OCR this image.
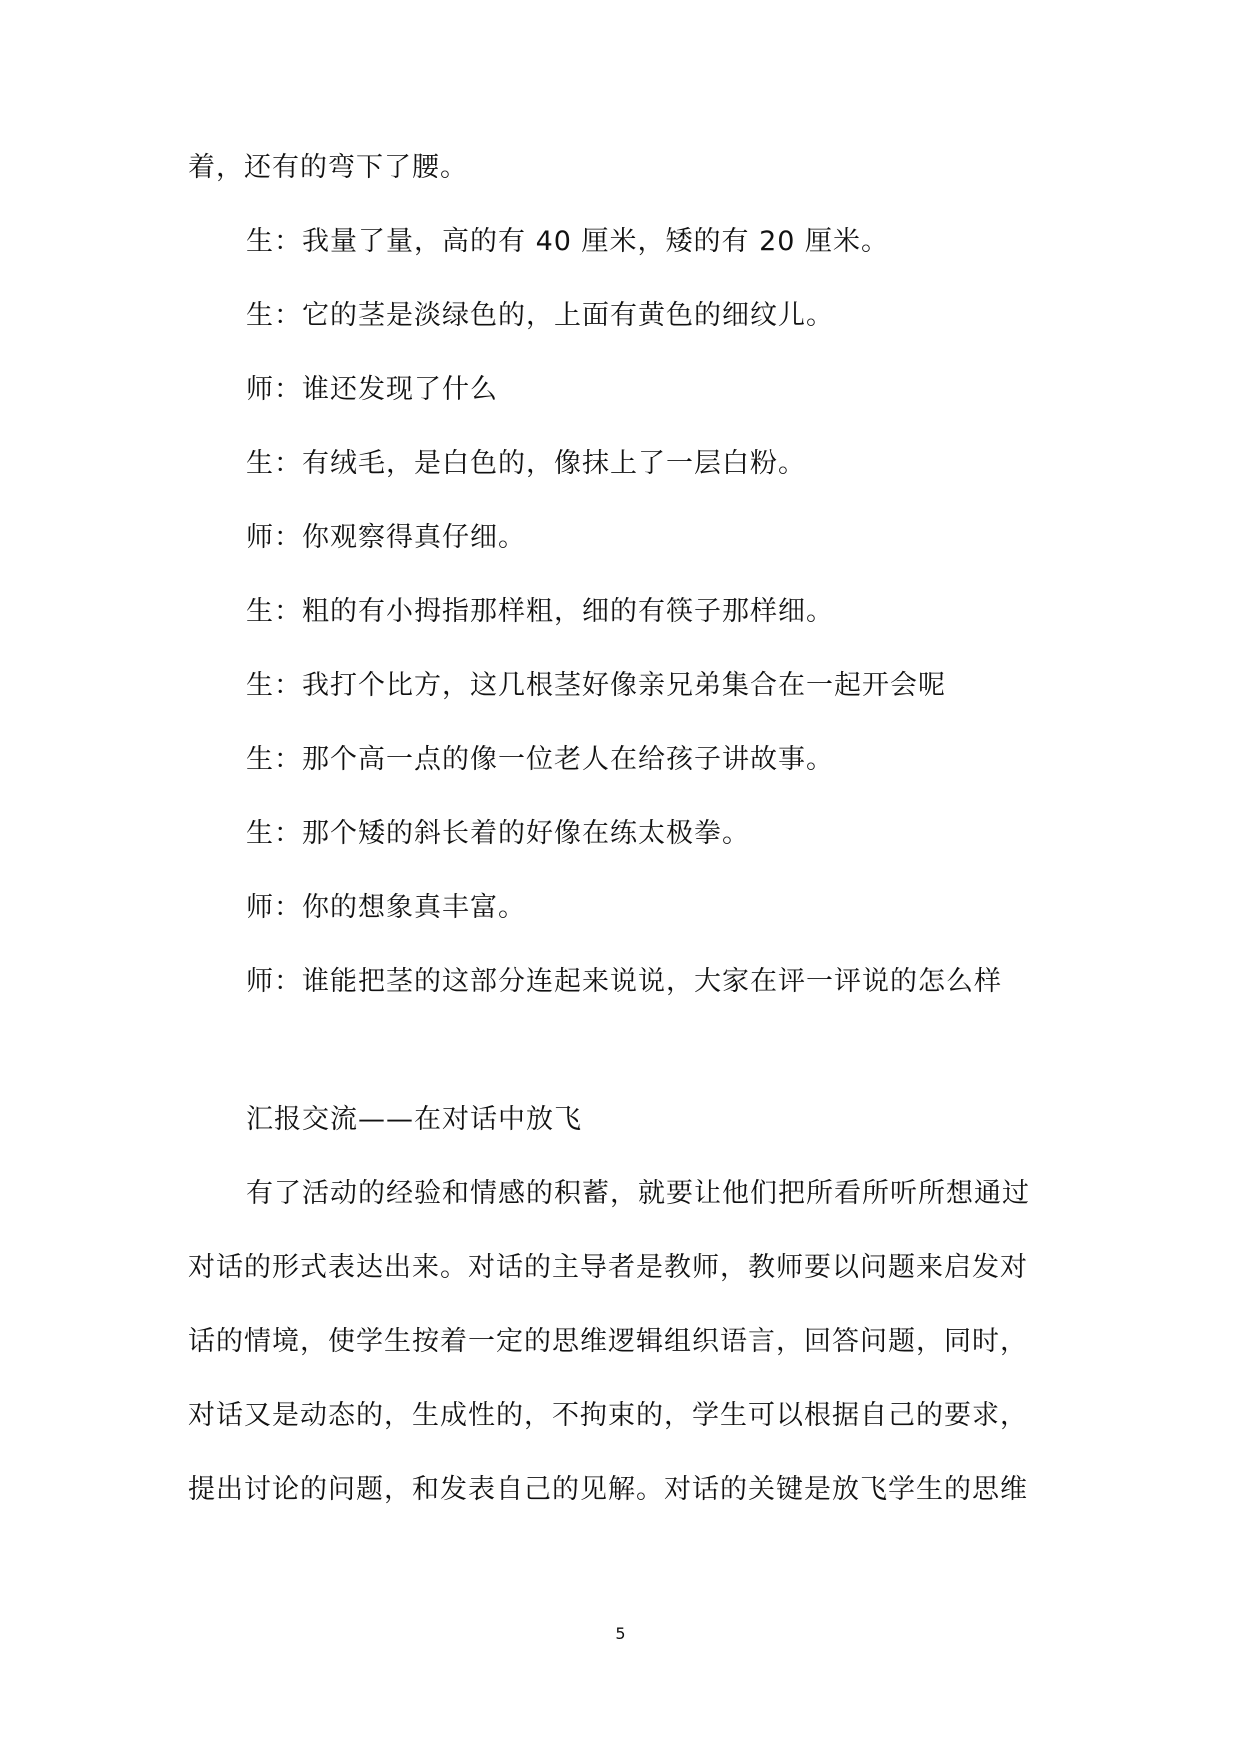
着，还有的弯下了腰。
生：我量了量，高的有 40 厘米，矮的有 20 厘米。
生：它的茎是淡绿色的，上面有黄色的细纹儿。
师：谁还发现了什么
生：有绒毛，是白色的，像抹上了一层白粉。
师：你观察得真仔细。
生：粗的有小拇指那样粗，细的有筷子那样细。
生：我打个比方，这几根茎好像亲兄弟集合在一起开会呢
生：那个高一点的像一位老人在给孩子讲故事。
生：那个矮的斜长着的好像在练太极拳。
师：你的想象真丰富。
师：谁能把茎的这部分连起来说说，大家在评一评说的怎么样
汇报交流——在对话中放飞
有了活动的经验和情感的积蓄，就要让他们把所看所听所想通过
对话的形式表达出来。对话的主导者是教师，教师要以问题来启发对
话的情境，使学生按着一定的思维逻辑组织语言，回答问题，同时，
对话又是动态的，生成性的，不拘束的，学生可以根据自己的要求，
提出讨论的问题，和发表自己的见解。对话的关键是放飞学生的思维
5
